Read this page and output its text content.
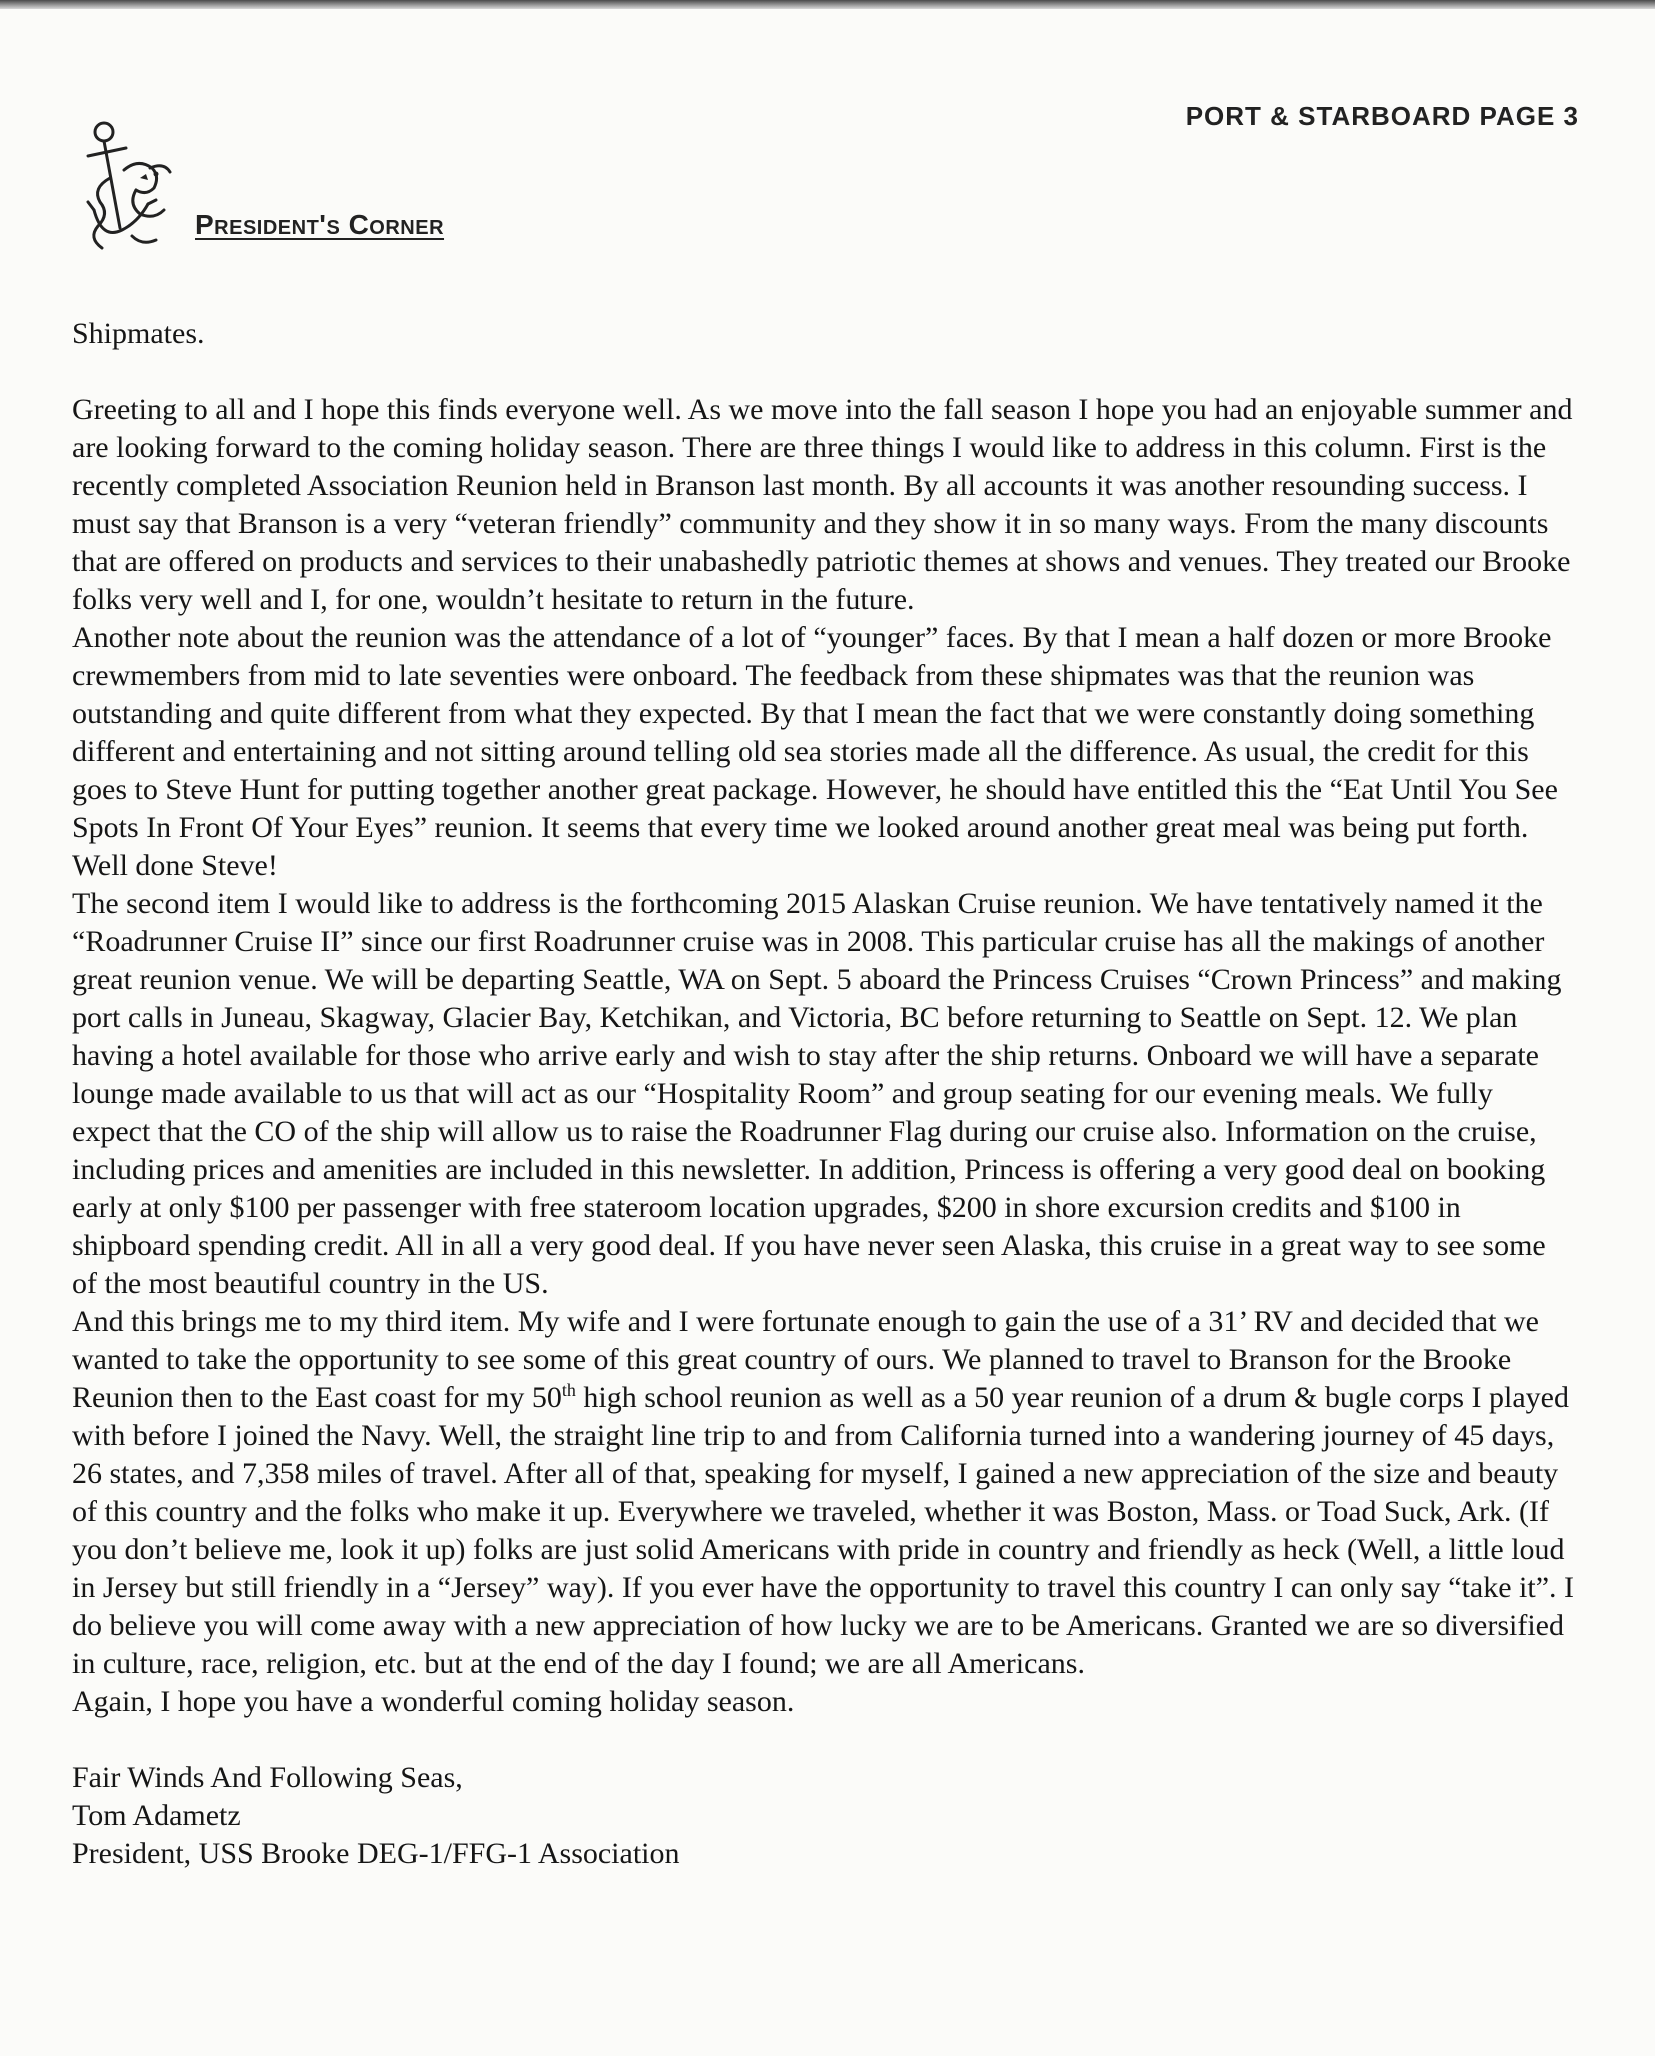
PORT & STARBOARD PAGE 3
President's Corner

Shipmates.

Greeting to all and I hope this finds everyone well. As we move into the fall season I hope you had an enjoyable summer and are looking forward to the coming holiday season. There are three things I would like to address in this column. First is the recently completed Association Reunion held in Branson last month. By all accounts it was another resounding success. I must say that Branson is a very “veteran friendly” community and they show it in so many ways. From the many discounts that are offered on products and services to their unabashedly patriotic themes at shows and venues. They treated our Brooke folks very well and I, for one, wouldn’t hesitate to return in the future.

Another note about the reunion was the attendance of a lot of “younger” faces. By that I mean a half dozen or more Brooke crewmembers from mid to late seventies were onboard. The feedback from these shipmates was that the reunion was outstanding and quite different from what they expected. By that I mean the fact that we were constantly doing something different and entertaining and not sitting around telling old sea stories made all the difference. As usual, the credit for this goes to Steve Hunt for putting together another great package. However, he should have entitled this the “Eat Until You See Spots In Front Of Your Eyes” reunion. It seems that every time we looked around another great meal was being put forth. Well done Steve!

The second item I would like to address is the forthcoming 2015 Alaskan Cruise reunion. We have tentatively named it the “Roadrunner Cruise II” since our first Roadrunner cruise was in 2008. This particular cruise has all the makings of another great reunion venue. We will be departing Seattle, WA on Sept. 5 aboard the Princess Cruises “Crown Princess” and making port calls in Juneau, Skagway, Glacier Bay, Ketchikan, and Victoria, BC before returning to Seattle on Sept. 12. We plan having a hotel available for those who arrive early and wish to stay after the ship returns. Onboard we will have a separate lounge made available to us that will act as our “Hospitality Room” and group seating for our evening meals. We fully expect that the CO of the ship will allow us to raise the Roadrunner Flag during our cruise also. Information on the cruise, including prices and amenities are included in this newsletter. In addition, Princess is offering a very good deal on booking early at only $100 per passenger with free stateroom location upgrades, $200 in shore excursion credits and $100 in shipboard spending credit. All in all a very good deal. If you have never seen Alaska, this cruise in a great way to see some of the most beautiful country in the US.

And this brings me to my third item. My wife and I were fortunate enough to gain the use of a 31’ RV and decided that we wanted to take the opportunity to see some of this great country of ours. We planned to travel to Branson for the Brooke Reunion then to the East coast for my 50th high school reunion as well as a 50 year reunion of a drum & bugle corps I played with before I joined the Navy. Well, the straight line trip to and from California turned into a wandering journey of 45 days, 26 states, and 7,358 miles of travel. After all of that, speaking for myself, I gained a new appreciation of the size and beauty of this country and the folks who make it up. Everywhere we traveled, whether it was Boston, Mass. or Toad Suck, Ark. (If you don’t believe me, look it up) folks are just solid Americans with pride in country and friendly as heck (Well, a little loud in Jersey but still friendly in a “Jersey” way). If you ever have the opportunity to travel this country I can only say “take it”. I do believe you will come away with a new appreciation of how lucky we are to be Americans. Granted we are so diversified in culture, race, religion, etc. but at the end of the day I found; we are all Americans.

Again, I hope you have a wonderful coming holiday season.

Fair Winds And Following Seas,

Tom Adametz

President, USS Brooke DEG-1/FFG-1 Association
